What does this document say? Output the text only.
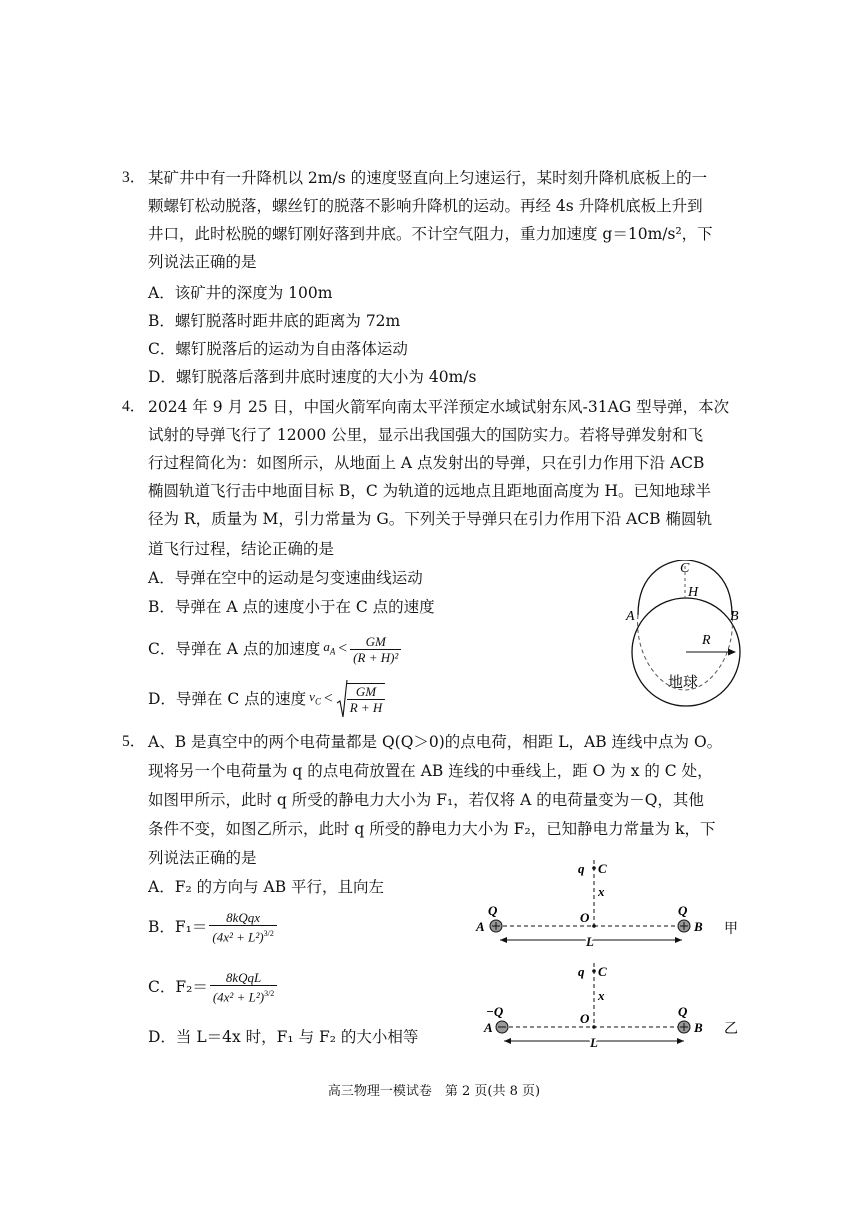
3． 某矿井中有一升降机以 2m/s 的速度竖直向上匀速运行，某时刻升降机底板上的一
颗螺钉松动脱落，螺丝钉的脱落不影响升降机的运动。再经 4s 升降机底板上升到
井口，此时松脱的螺钉刚好落到井底。不计空气阻力，重力加速度 g＝10m/s²，下
列说法正确的是
A．该矿井的深度为 100m
B．螺钉脱落时距井底的距离为 72m
C．螺钉脱落后的运动为自由落体运动
D．螺钉脱落后落到井底时速度的大小为 40m/s
4． 2024 年 9 月 25 日，中国火箭军向南太平洋预定水域试射东风-31AG 型导弹，本次
试射的导弹飞行了 12000 公里，显示出我国强大的国防实力。若将导弹发射和飞
行过程简化为：如图所示，从地面上 A 点发射出的导弹，只在引力作用下沿 ACB
椭圆轨道飞行击中地面目标 B，C 为轨道的远地点且距地面高度为 H。已知地球半
径为 R，质量为 M，引力常量为 G。下列关于导弹只在引力作用下沿 ACB 椭圆轨
道飞行过程，结论正确的是
A．导弹在空中的运动是匀变速曲线运动
B．导弹在 A 点的速度小于在 C 点的速度
C．导弹在 A 点的加速度 $a_A < \frac{GM}{\text{(R + H)²}}$
D．导弹在 C 点的速度 $v_C < \frac{GM}{R + H}$
C
H
A	B
R
地球
5． A、B 是真空中的两个电荷量都是 Q(Q＞0)的点电荷，相距 L，AB 连线中点为 O。
现将另一个电荷量为 q 的点电荷放置在 AB 连线的中垂线上，距 O 为 x 的 C 处，
如图甲所示，此时 q 所受的静电力大小为 F₁，若仅将 A 的电荷量变为－Q，其他
条件不变，如图乙所示，此时 q 所受的静电力大小为 F₂，已知静电力常量为 k，下
列说法正确的是
A．F₂ 的方向与 AB 平行，且向左
B．$F_1= \frac{\text{8kQqx}}{(4x^2 + L^2)^{3/2}}$
C．$F_2= \frac{\text{8kQqL}}{(4x^2 + L^2)^{3/2}}$
D．当 L＝4x 时，F₁ 与 F₂ 的大小相等
q C
x
Q	Q
A
O
B
L
甲
q C
x
−Q	Q
A
O
B
L
乙
高三物理一模试卷　第 2 页(共 8 页)
